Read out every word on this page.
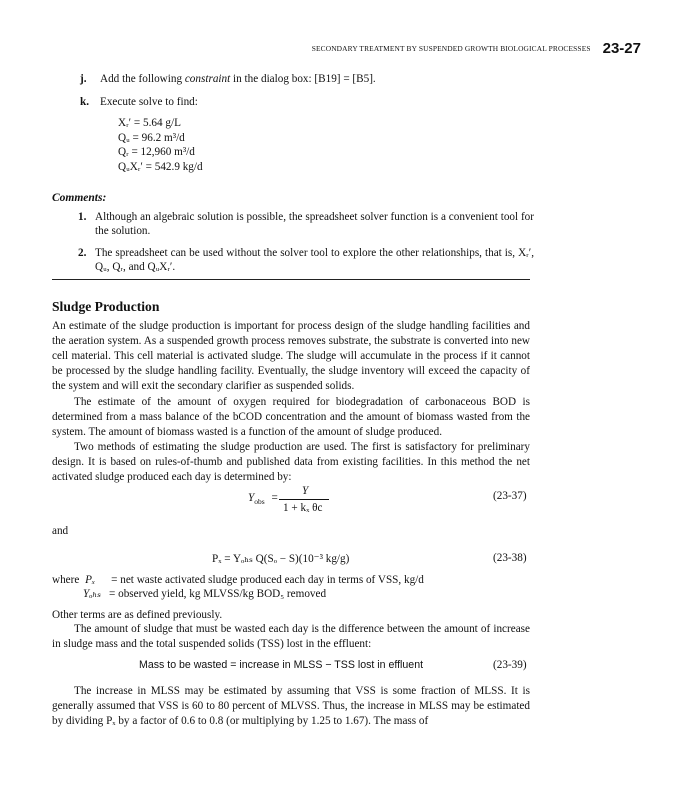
SECONDARY TREATMENT BY SUSPENDED GROWTH BIOLOGICAL PROCESSES 23-27
j. Add the following constraint in the dialog box: [B19] = [B5].
k. Execute solve to find:
Xᵣ′ = 5.64 g/L
Qᵤ = 96.2 m³/d
Qᵣ = 12,960 m³/d
QᵤXᵣ′ = 542.9 kg/d
Comments:
1. Although an algebraic solution is possible, the spreadsheet solver function is a convenient tool for the solution.
2. The spreadsheet can be used without the solver tool to explore the other relationships, that is, Xᵣ′, Qᵤ, Qᵣ, and QᵤXᵣ′.
Sludge Production
An estimate of the sludge production is important for process design of the sludge handling facilities and the aeration system. As a suspended growth process removes substrate, the substrate is converted into new cell material. This cell material is activated sludge. The sludge will accumulate in the process if it cannot be processed by the sludge handling facility. Eventually, the sludge inventory will exceed the capacity of the system and will exit the secondary clarifier as suspended solids.
The estimate of the amount of oxygen required for biodegradation of carbonaceous BOD is determined from a mass balance of the bCOD concentration and the amount of biomass wasted from the system. The amount of biomass wasted is a function of the amount of sludge produced.
Two methods of estimating the sludge production are used. The first is satisfactory for preliminary design. It is based on rules-of-thumb and published data from existing facilities. In this method the net activated sludge produced each day is determined by:
$Y_{obs}$ =
Y
1 + kₓ θc
(23-37)
and
Pₓ = Yₒₕₛ Q(Sₒ − S)(10⁻³ kg/g)	(23-38)
where Pₓ = net waste activated sludge produced each day in terms of VSS, kg/d
Yₒₕₛ = observed yield, kg MLVSS/kg BOD₅ removed
Other terms are as defined previously.
The amount of sludge that must be wasted each day is the difference between the amount of increase in sludge mass and the total suspended solids (TSS) lost in the effluent:
Mass to be wasted = increase in MLSS − TSS lost in effluent	(23-39)
The increase in MLSS may be estimated by assuming that VSS is some fraction of MLSS. It is generally assumed that VSS is 60 to 80 percent of MLVSS. Thus, the increase in MLSS may be estimated by dividing Pₓ by a factor of 0.6 to 0.8 (or multiplying by 1.25 to 1.67). The mass of
